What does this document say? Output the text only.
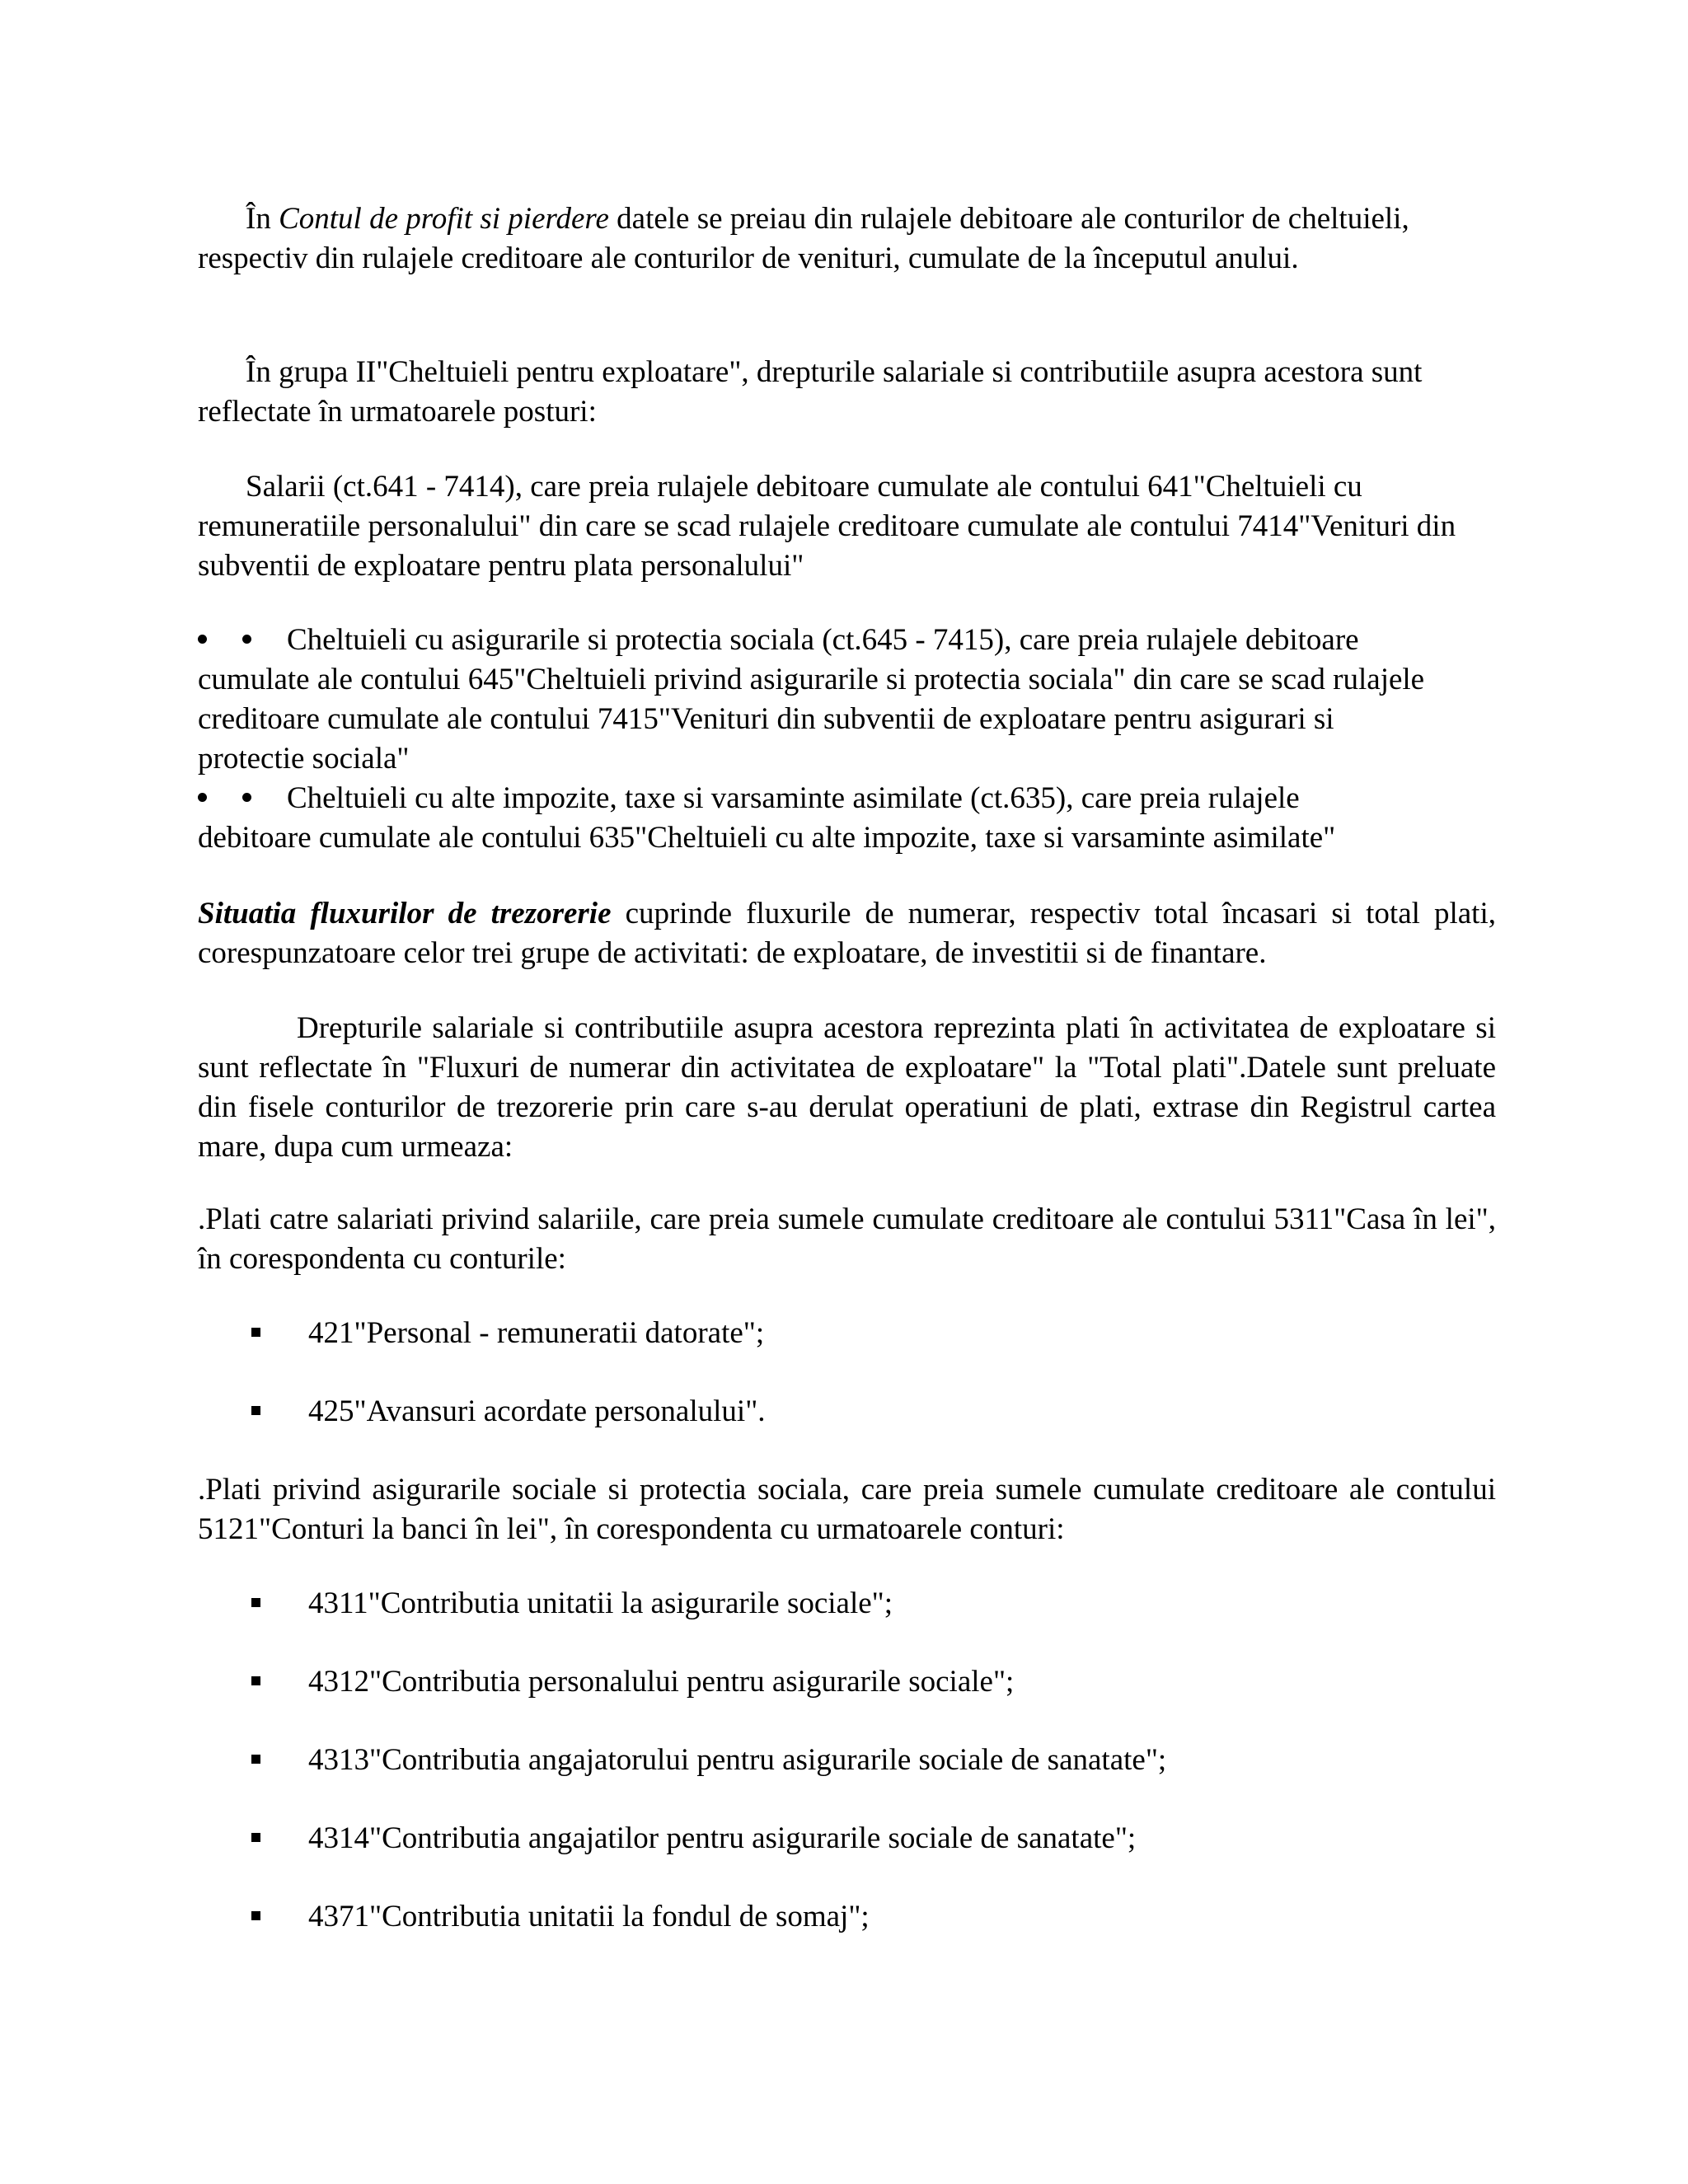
În Contul de profit si pierdere datele se preiau din rulajele debitoare ale conturilor de cheltuieli, respectiv din rulajele creditoare ale conturilor de venituri, cumulate de la începutul anului.

În grupa II"Cheltuieli pentru exploatare", drepturile salariale si contributiile asupra acestora sunt reflectate în urmatoarele posturi:

Salarii (ct.641 - 7414), care preia rulajele debitoare cumulate ale contului 641"Cheltuieli cu remuneratiile personalului" din care se scad rulajele creditoare cumulate ale contului 7414"Venituri din subventii de exploatare pentru plata personalului"

Cheltuieli cu asigurarile si protectia sociala (ct.645 - 7415), care preia rulajele debitoare

cumulate ale contului 645"Cheltuieli privind asigurarile si protectia sociala" din care se scad rulajele creditoare cumulate ale contului 7415"Venituri din subventii de exploatare pentru asigurari si protectie sociala"

Cheltuieli cu alte impozite, taxe si varsaminte asimilate (ct.635), care preia rulajele

debitoare cumulate ale contului 635"Cheltuieli cu alte impozite, taxe si varsaminte asimilate"

Situatia fluxurilor de trezorerie cuprinde fluxurile de numerar, respectiv total încasari si total plati, corespunzatoare celor trei grupe de activitati: de exploatare, de investitii si de finantare.

Drepturile salariale si contributiile asupra acestora reprezinta plati în activitatea de exploatare si sunt reflectate în "Fluxuri de numerar din activitatea de exploatare" la "Total plati".Datele sunt preluate din fisele conturilor de trezorerie prin care s-au derulat operatiuni de plati, extrase din Registrul cartea mare, dupa cum urmeaza:

.Plati catre salariati privind salariile, care preia sumele cumulate creditoare ale contului 5311"Casa în lei", în corespondenta cu conturile:

421"Personal - remuneratii datorate";
425"Avansuri acordate personalului".

.Plati privind asigurarile sociale si protectia sociala, care preia sumele cumulate creditoare ale contului 5121"Conturi la banci în lei", în corespondenta cu urmatoarele conturi:

4311"Contributia unitatii la asigurarile sociale";
4312"Contributia personalului pentru asigurarile sociale";
4313"Contributia angajatorului pentru asigurarile sociale de sanatate";
4314"Contributia angajatilor pentru asigurarile sociale de sanatate";
4371"Contributia unitatii la fondul de somaj";
